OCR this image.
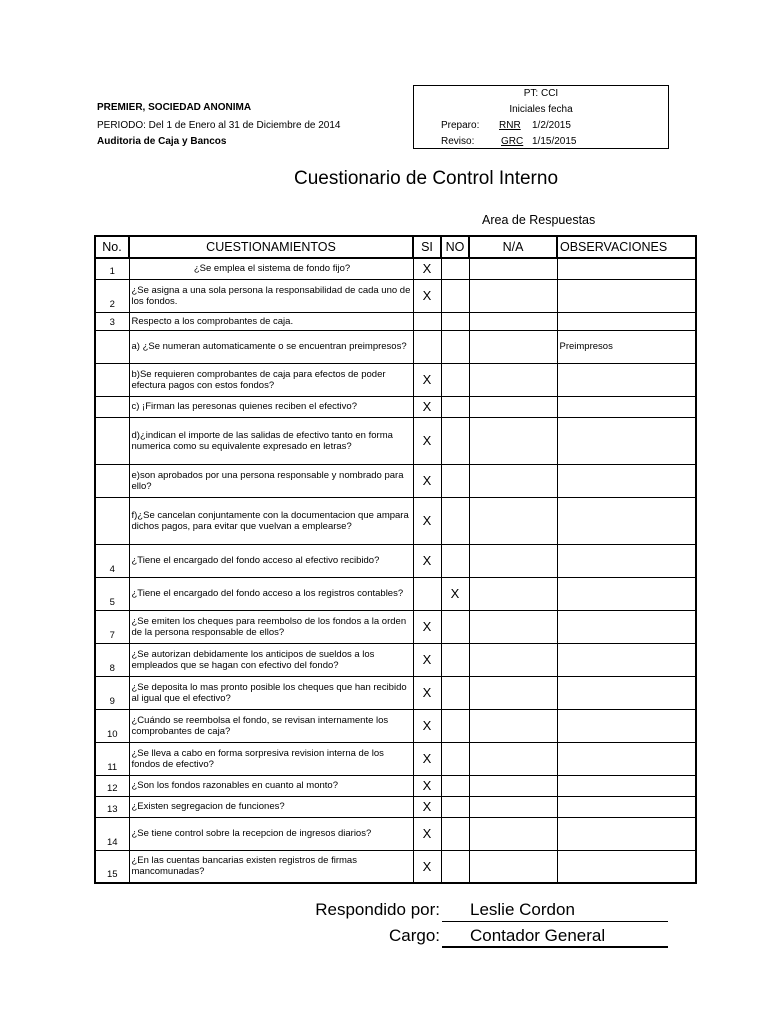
PREMIER, SOCIEDAD ANONIMA
PERIODO: Del 1 de Enero al 31 de Diciembre de 2014
Auditoria de Caja y Bancos
PT: CCI
Iniciales fecha
Preparo: RNR 1/2/2015
Reviso:	GRC 1/15/2015
Cuestionario de Control Interno
Area de Respuestas
No.	CUESTIONAMIENTOS	SI	NO	N/A	OBSERVACIONES
1	¿Se emplea el sistema de fondo fijo?	X			
2	¿Se asigna a una sola persona la responsabilidad de cada uno de los fondos.	X			
3	Respecto a los comprobantes de caja.				
	a) ¿Se numeran automaticamente o se encuentran preimpresos?				Preimpresos
	b)Se requieren comprobantes de caja para efectos de poder efectura pagos con estos fondos?	X			
	c) ¡Firman las peresonas quienes reciben el efectivo?	X			
	d)¿indican el importe de las salidas de efectivo tanto en forma numerica como su equivalente expresado en letras?	X			
	e)son aprobados por una persona responsable y nombrado para ello?	X			
	f)¿Se cancelan conjuntamente con la documentacion que ampara dichos pagos, para evitar que vuelvan a emplearse?	X			
4	¿Tiene el encargado del fondo acceso al efectivo recibido?	X			
5	¿Tiene el encargado del fondo acceso a los registros contables?		X		
7	¿Se emiten los cheques para reembolso de los fondos a la orden de la persona responsable de ellos?	X			
8	¿Se autorizan debidamente los anticipos de sueldos a los empleados que se hagan con efectivo del fondo?	X			
9	¿Se deposita lo mas pronto posible los cheques que han recibido al igual que el efectivo?	X			
10	¿Cuándo se reembolsa el fondo, se revisan internamente los comprobantes de caja?	X			
11	¿Se lleva a cabo en forma sorpresiva revision interna de los fondos de efectivo?	X			
12	¿Son los fondos razonables en cuanto al monto?	X			
13	¿Existen segregacion de funciones?	X			
14	¿Se tiene control sobre la recepcion de ingresos diarios?	X			
15	¿En las cuentas bancarias existen registros de firmas mancomunadas?	X			
Respondido por: Leslie Cordon
Cargo: Contador General
